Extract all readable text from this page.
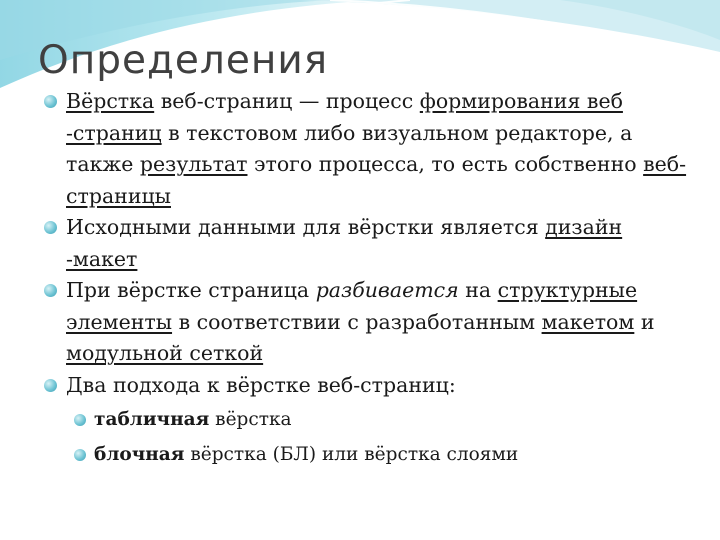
Определения
Вёрстка веб-страниц — процесс формирования веб
-страниц в текстовом либо визуальном редакторе, а также результат этого процесса, то есть собственно веб-страницы
Исходными данными для вёрстки является дизайн
-макет
При вёрстке страница разбивается на структурные элементы в соответствии с разработанным макетом и модульной сеткой
Два подхода к вёрстке веб-страниц:
табличная вёрстка
блочная вёрстка (БЛ) или вёрстка слоями
